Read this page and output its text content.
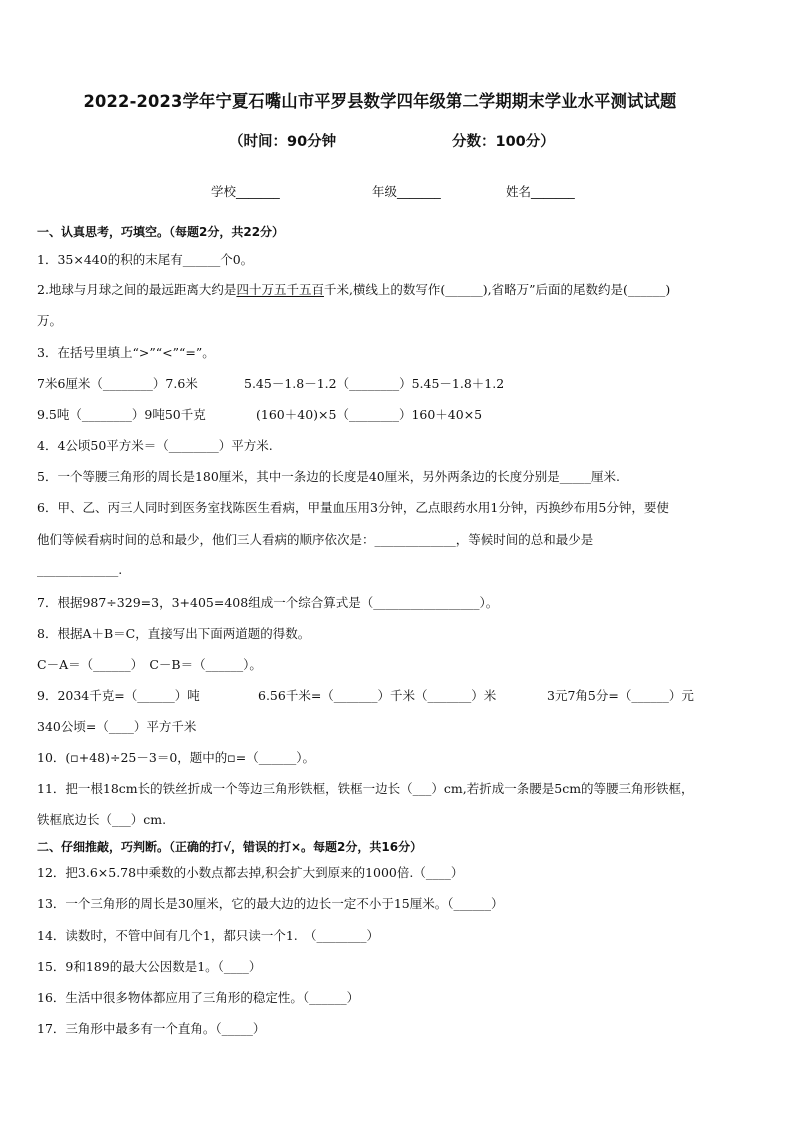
2022-2023学年宁夏石嘴山市平罗县数学四年级第二学期期末学业水平测试试题
（时间：90分钟	分数：100分）
学校_______	年级_______	姓名_______
一、认真思考，巧填空。（每题2分，共22分）
1．35×440的积的末尾有______个0。
2.地球与月球之间的最远距离大约是四十万五千五百千米,横线上的数写作(______),省略万”后面的尾数约是(______)
万。
3．在括号里填上“>”“<”“=”。
7米6厘米（________）7.6米	5.45－1.8－1.2（________）5.45－1.8＋1.2
9.5吨（________）9吨50千克	(160＋40)×5（________）160＋40×5
4．4公顷50平方米＝（________）平方米.
5．一个等腰三角形的周长是180厘米，其中一条边的长度是40厘米，另外两条边的长度分别是_____厘米.
6．甲、乙、丙三人同时到医务室找陈医生看病，甲量血压用3分钟，乙点眼药水用1分钟，丙换纱布用5分钟，要使
他们等候看病时间的总和最少，他们三人看病的顺序依次是：_____________，等候时间的总和最少是
_____________.
7．根据987÷329=3，3+405=408组成一个综合算式是（_________________）。
8．根据A＋B＝C，直接写出下面两道题的得数。
C－A＝（______）　C－B＝（______）。
9．2034千克=（______）吨	6.56千米=（_______）千米（_______）米	3元7角5分=（______）元
340公顷=（____）平方千米
10．(▫+48)÷25－3＝0，题中的▫=（______）。
11．把一根18cm长的铁丝折成一个等边三角形铁框，铁框一边长（___）cm,若折成一条腰是5cm的等腰三角形铁框，
铁框底边长（___）cm.
二、仔细推敲，巧判断。（正确的打√，错误的打×。每题2分，共16分）
12．把3.6×5.78中乘数的小数点都去掉,积会扩大到原来的1000倍.（____）
13．一个三角形的周长是30厘米，它的最大边的边长一定不小于15厘米。（______）
14．读数时，不管中间有几个1，都只读一个1.　（________）
15．9和189的最大公因数是1。（____）
16．生活中很多物体都应用了三角形的稳定性。（______）
17．三角形中最多有一个直角。（_____）
